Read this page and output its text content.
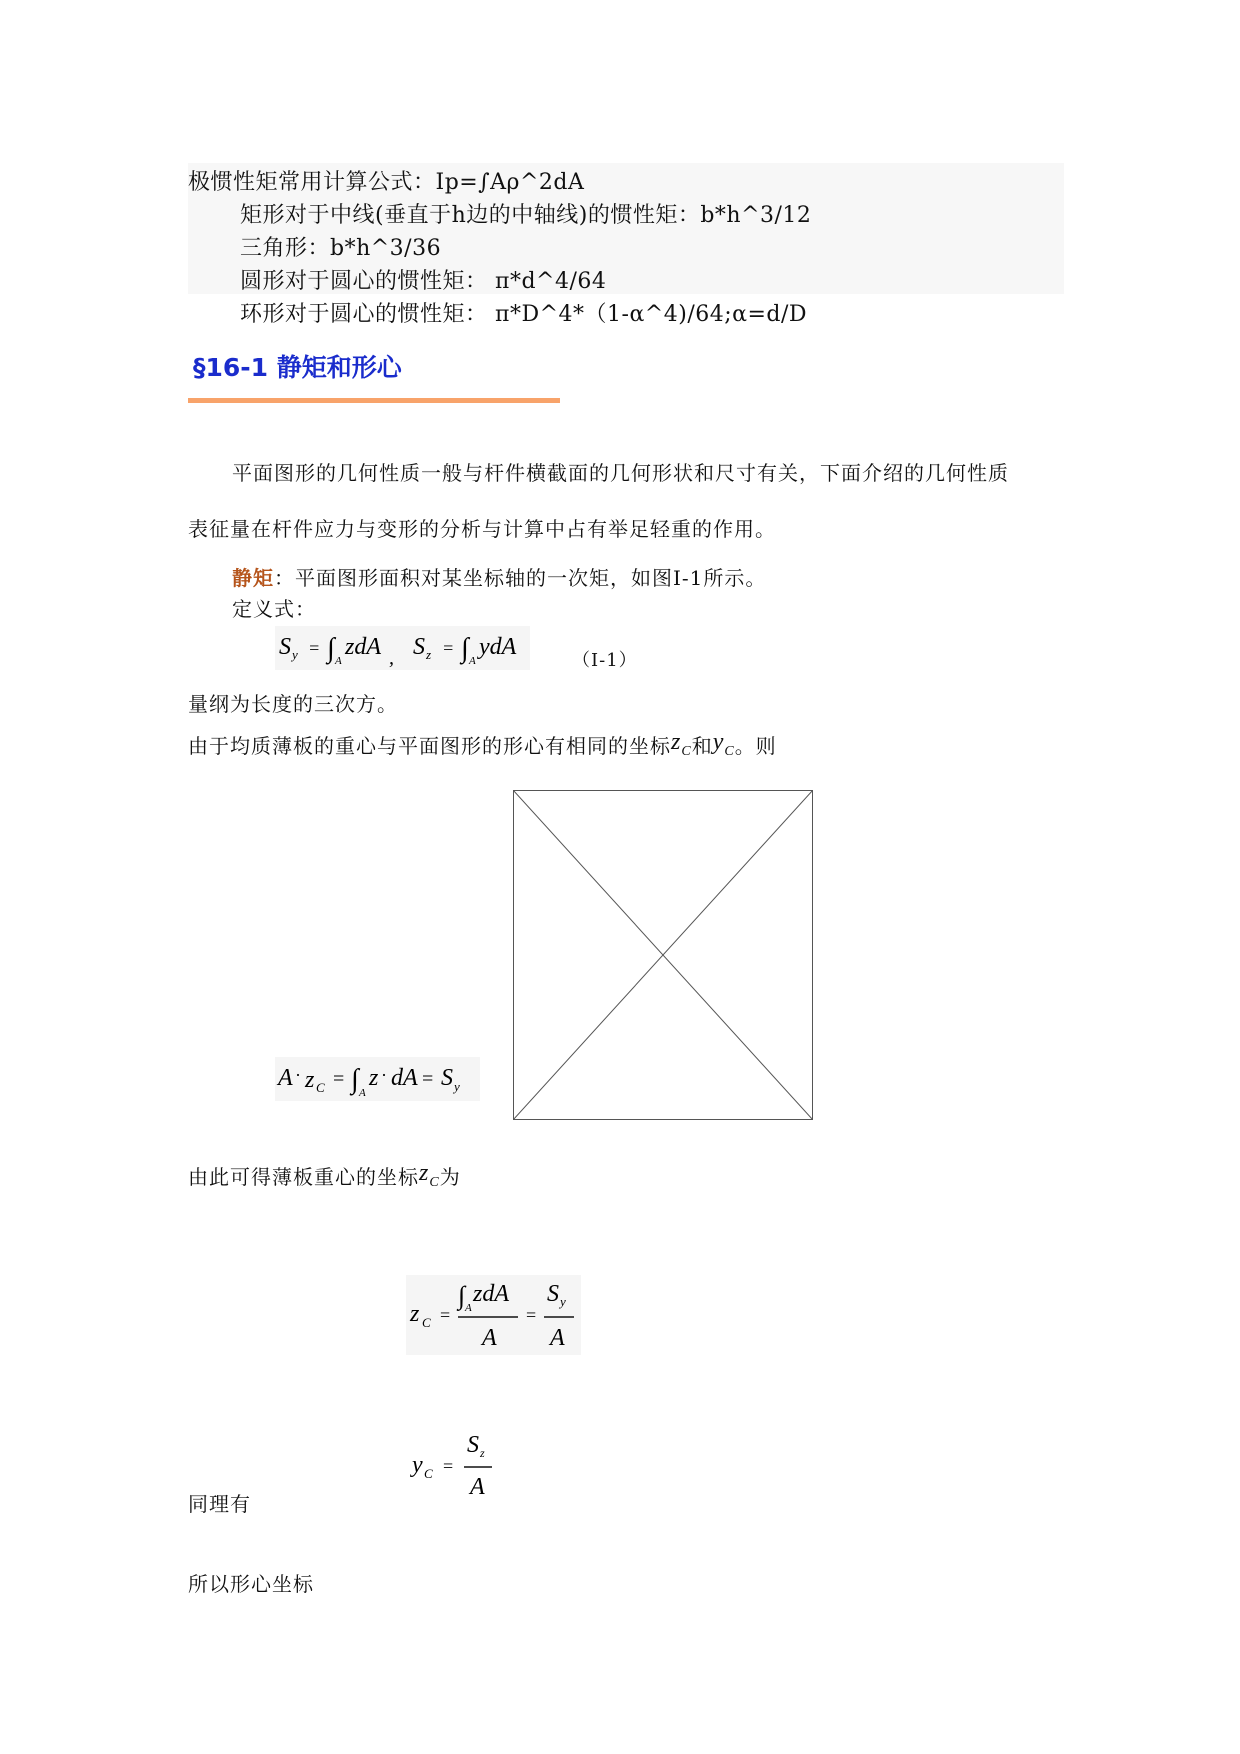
极惯性矩常用计算公式：Ip=∫Aρ^2dA
矩形对于中线(垂直于h边的中轴线)的惯性矩：b*h^3/12
三角形：b*h^3/36
圆形对于圆心的惯性矩： π*d^4/64
环形对于圆心的惯性矩： π*D^4*（1-α^4)/64;α=d/D
§16-1 静矩和形心
平面图形的几何性质一般与杆件横截面的几何形状和尺寸有关，下面介绍的几何性质
表征量在杆件应力与变形的分析与计算中占有举足轻重的作用。
静矩：平面图形面积对某坐标轴的一次矩，如图Ⅰ-1所示。
定义式：
S y = ∫ A
zdA , S z = ∫ A
ydA
（Ⅰ-1）
量纲为长度的三次方。
由于均质薄板的重心与平面图形的形心有相同的坐标$z_C$和$y_C$。则
A · z C = ∫ A
z · dA = S y
由此可得薄板重心的坐标$z_C$为
z C =
∫ A
zdA
A
=
S y
A
y C =
S z
A
同理有
所以形心坐标
